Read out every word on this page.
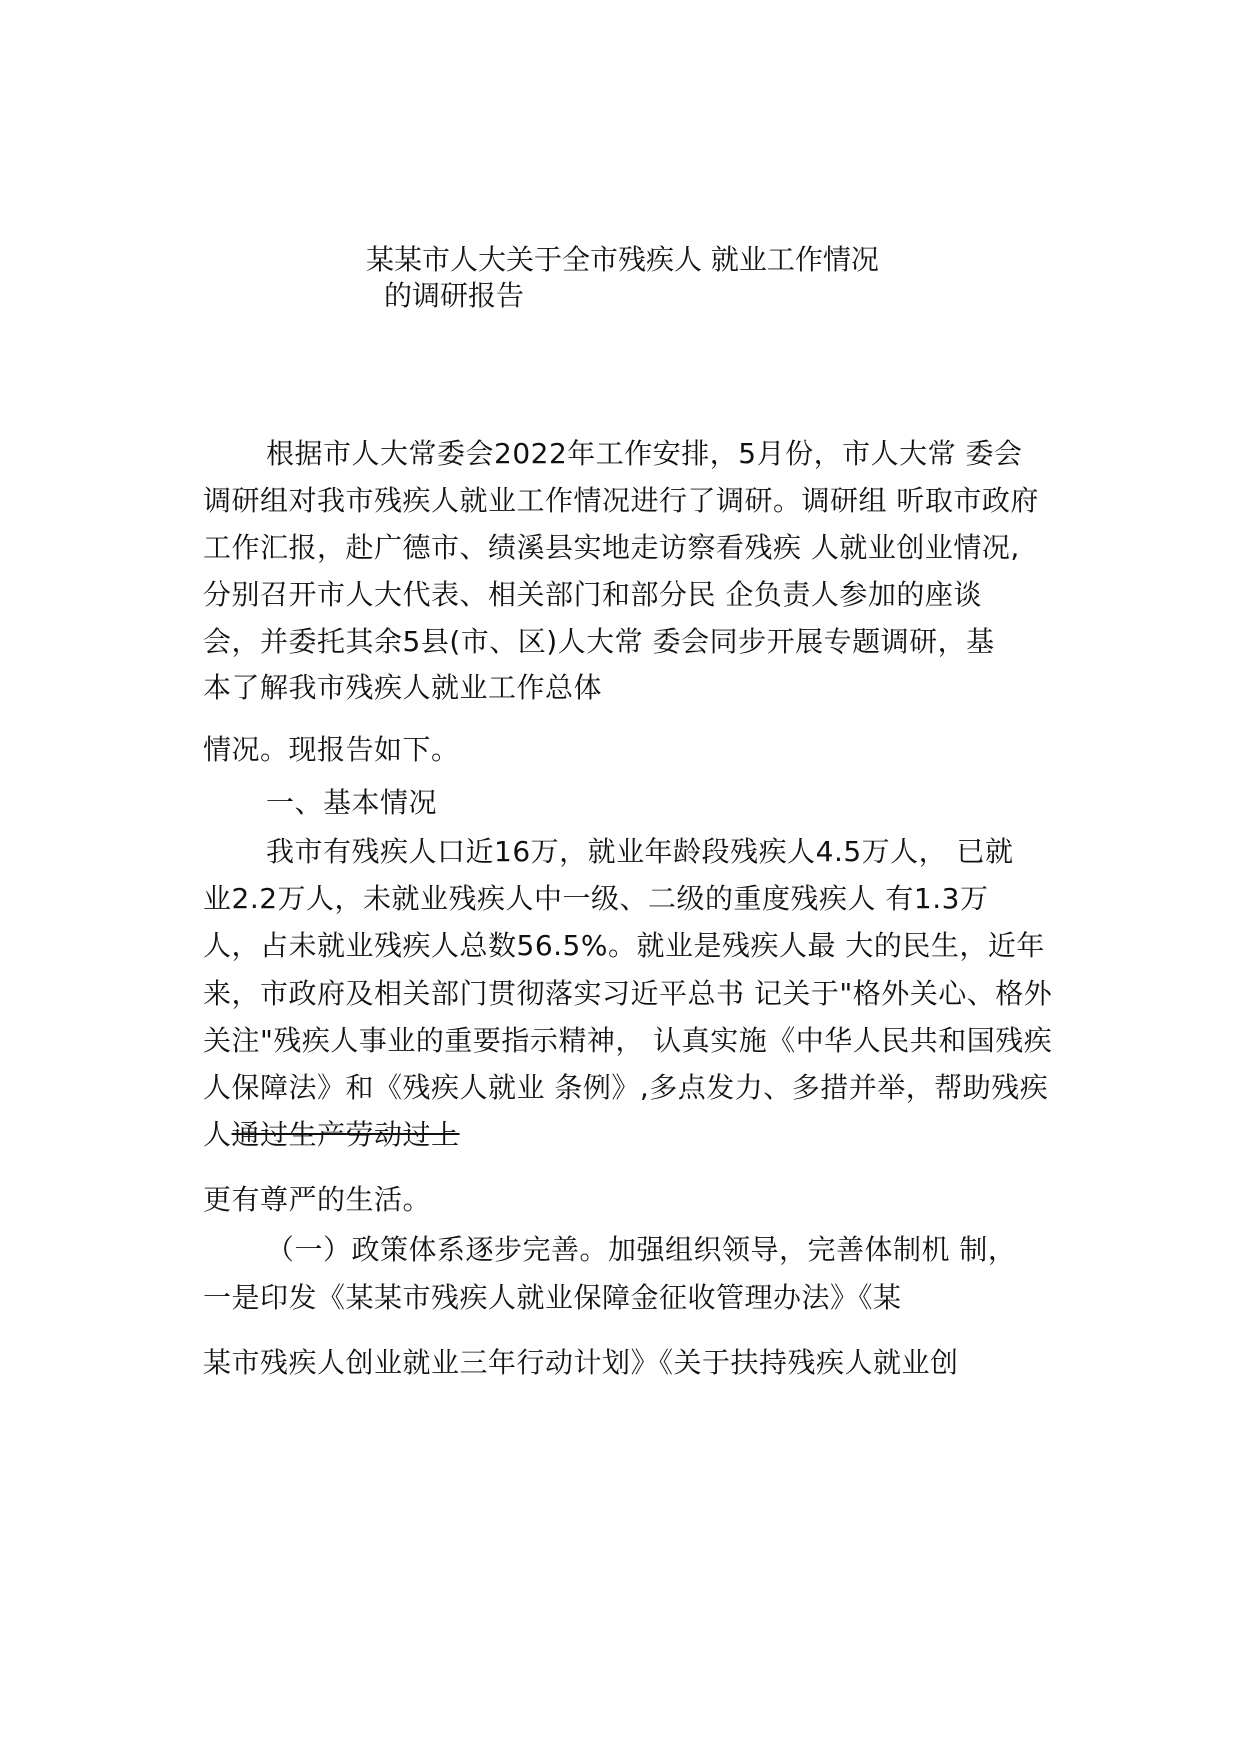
某某市人大关于全市残疾人 就业工作情况
的调研报告
根据市人大常委会2022年工作安排，5月份，市人大常 委会
调研组对我市残疾人就业工作情况进行了调研。调研组 听取市政府
工作汇报，赴广德市、绩溪县实地走访察看残疾 人就业创业情况,
分别召开市人大代表、相关部门和部分民 企负责人参加的座谈
会，并委托其余5县(市、区)人大常 委会同步开展专题调研，基
本了解我市残疾人就业工作总体
情况。现报告如下。
一、基本情况
我市有残疾人口近16万，就业年龄段残疾人4.5万人， 已就
业2.2万人，未就业残疾人中一级、二级的重度残疾人 有1.3万
人，占未就业残疾人总数56.5%。就业是残疾人最 大的民生，近年
来，市政府及相关部门贯彻落实习近平总书 记关于"格外关心、格外
关注"残疾人事业的重要指示精神， 认真实施《中华人民共和国残疾
人保障法》和《残疾人就业 条例》,多点发力、多措并举，帮助残疾
人通过生产劳动过上
更有尊严的生活。
（一）政策体系逐步完善。加强组织领导，完善体制机 制，
一是印发《某某市残疾人就业保障金征收管理办法》《某
某市残疾人创业就业三年行动计划》《关于扶持残疾人就业创
